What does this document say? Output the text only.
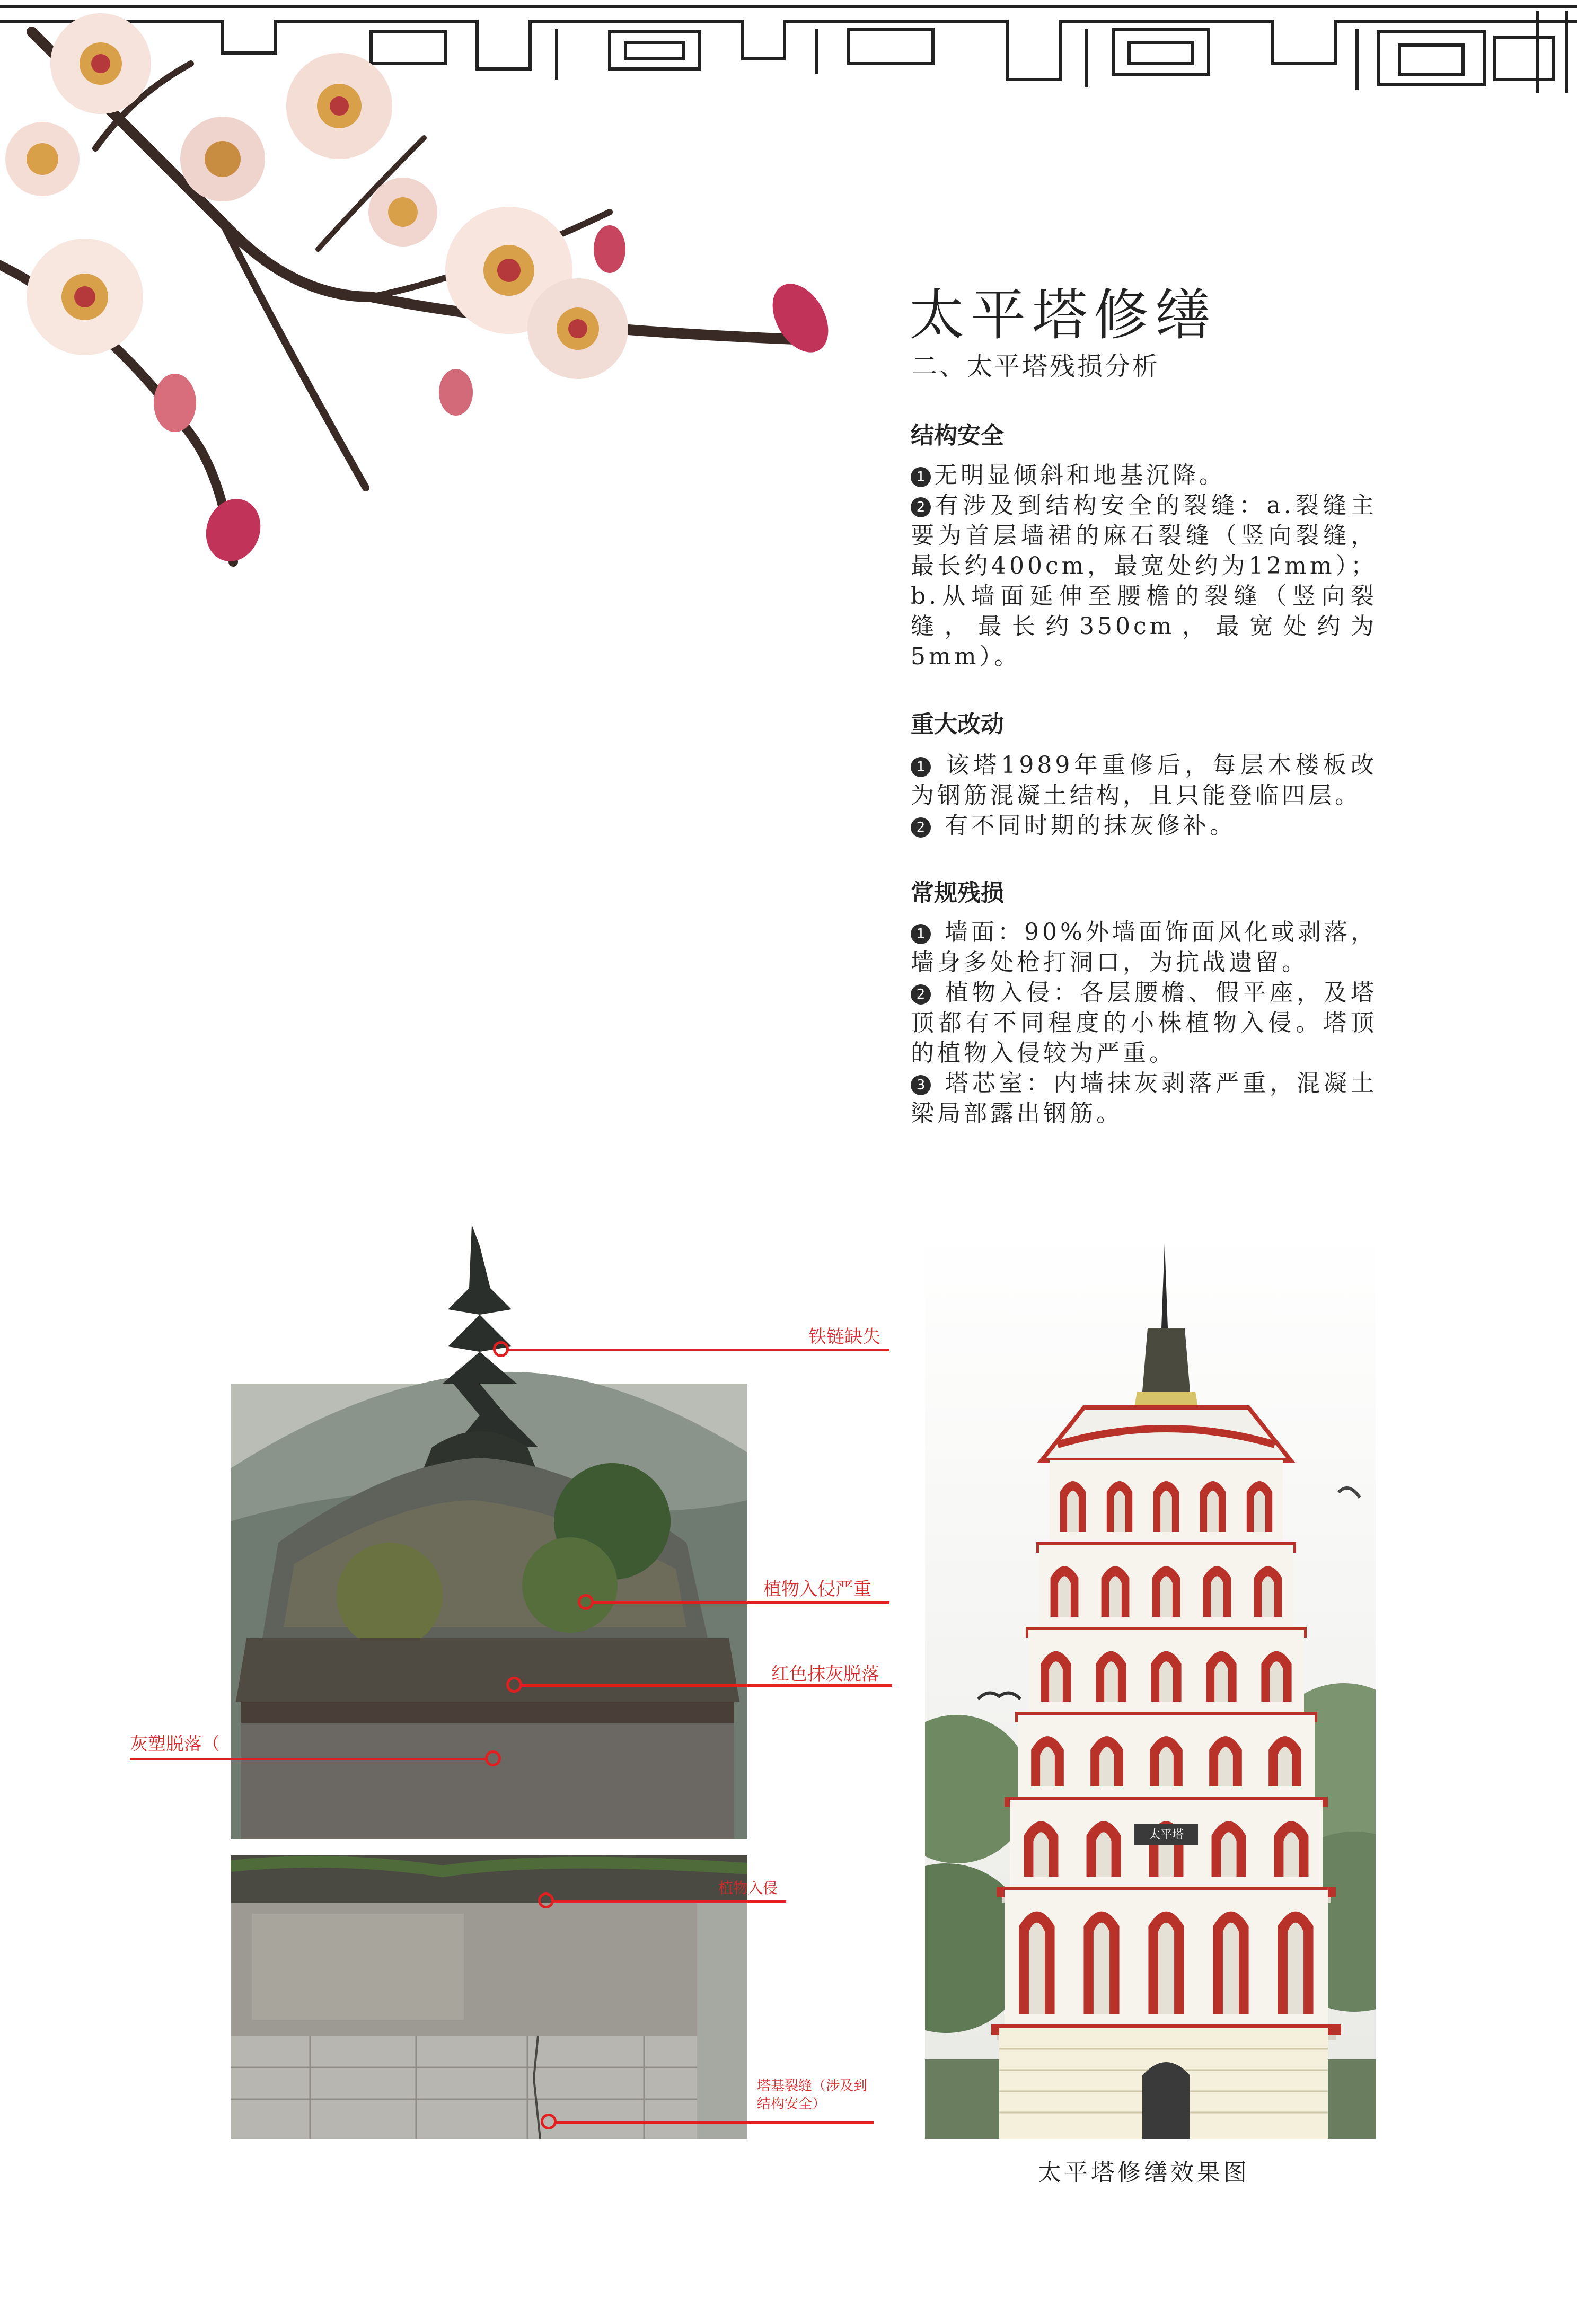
太平塔修缮
二、太平塔残损分析
结构安全

1 无明显倾斜和地基沉降。

2 有涉及到结构安全的裂缝：a.裂缝主要为首层墙裙的麻石裂缝（竖向裂缝，最长约400cm，最宽处约为12mm）；b.从墙面延伸至腰檐的裂缝（竖向裂缝，最长约350cm，最宽处约为5mm）。

重大改动

1 该塔1989年重修后，每层木楼板改为钢筋混凝土结构，且只能登临四层。

2 有不同时期的抹灰修补。

常规残损

1 墙面：90%外墙面饰面风化或剥落，墙身多处枪打洞口，为抗战遗留。

2 植物入侵：各层腰檐、假平座，及塔顶都有不同程度的小株植物入侵。塔顶的植物入侵较为严重。

3 塔芯室：内墙抹灰剥落严重，混凝土梁局部露出钢筋。

铁链缺失
植物入侵严重
红色抹灰脱落
灰塑脱落（
植物入侵
塔基裂缝（涉及到结构安全）
太平塔
太平塔修缮效果图
